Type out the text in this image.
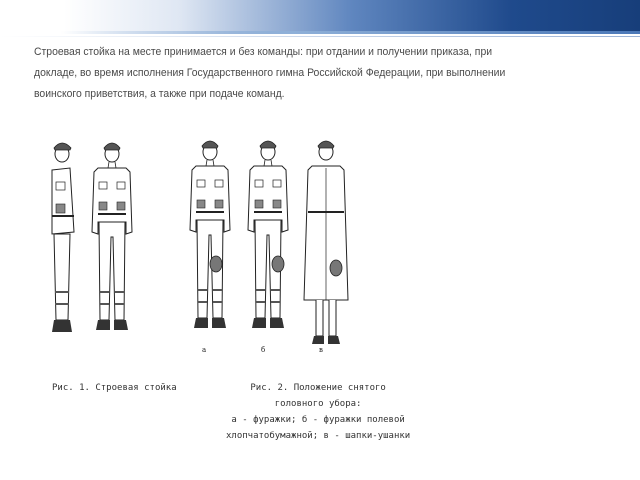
Строевая стойка на месте принимается и без команды: при отдании и получении приказа, при докладе, во время исполнения Государственного гимна Российской Федерации, при выполнении воинского приветствия, а также при подаче команд.
а	б	в
Рис. 1. Строевая стойка	Рис. 2. Положение снятого
головного убора:
а - фуражки; б - фуражки полевой
хлопчатобумажной; в - шапки-ушанки
